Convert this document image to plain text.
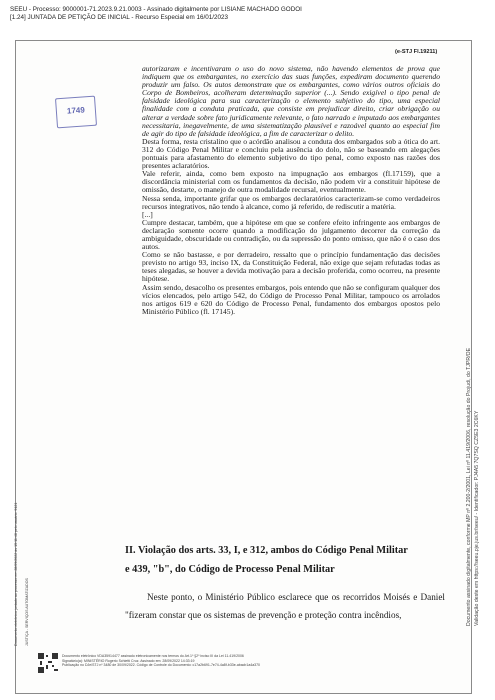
SEEU - Processo: 9000001-71.2023.9.21.0003 - Assinado digitalmente por LISIANE MACHADO GODOI
[1.24] JUNTADA DE PETIÇÃO DE INICIAL - Recurso Especial em 16/01/2023
(e-STJ Fl.19211)
1749

autorizaram e incentivaram o uso do novo sistema, não havendo elementos de prova que indiquem que os embargantes, no exercício das suas funções, expediram documento querendo produzir um falso. Os autos demonstram que os embargantes, como vários outros oficiais do Corpo de Bombeiros, acolheram determinação superior (...). Sendo exigível o tipo penal de falsidade ideológica para sua caracterização o elemento subjetivo do tipo, uma especial finalidade com a conduta praticada, que consiste em prejudicar direito, criar obrigação ou alterar a verdade sobre fato juridicamente relevante, o fato narrado e imputado aos embargantes necessitaria, inegavelmente, de uma sistematização plausível e razoável quanto ao especial fim de agir do tipo de falsidade ideológica, a fim de caracterizar o delito.

Desta forma, resta cristalino que o acórdão analisou a conduta dos embargados sob a ótica do art. 312 do Código Penal Militar e concluiu pela ausência do dolo, não se baseando em alegações pontuais para afastamento do elemento subjetivo do tipo penal, como exposto nas razões dos presentes aclaratórios.

Vale referir, ainda, como bem exposto na impugnação aos embargos (fl.17159), que a discordância ministerial com os fundamentos da decisão, não podem vir a constituir hipótese de omissão, destarte, o manejo de outra modalidade recursal, eventualmente.

Nessa senda, importante grifar que os embargos declaratórios caracterizam-se como verdadeiros recursos integrativos, não tendo à alcance, como já referido, de rediscutir a matéria.

[...]

Cumpre destacar, também, que a hipótese em que se confere efeito infringente aos embargos de declaração somente ocorre quando a modificação do julgamento decorrer da correção da ambiguidade, obscuridade ou contradição, ou da supressão do ponto omisso, que não é o caso dos autos.

Como se não bastasse, e por derradeiro, ressalto que o princípio fundamentação das decisões previsto no artigo 93, inciso IX, da Constituição Federal, não exige que sejam refutadas todas as teses alegadas, se houver a devida motivação para a decisão proferida, como ocorreu, na presente hipótese.

Assim sendo, desacolho os presentes embargos, pois entendo que não se configuram qualquer dos vícios elencados, pelo artigo 542, do Código de Processo Penal Militar, tampouco os arrolados nos artigos 619 e 620 do Código de Processo Penal, fundamento dos embargos opostos pelo Ministério Público (fl. 17145).

II. Violação dos arts. 33, I, e 312, ambos do Código Penal Militar
e 439, "b", do Código de Processo Penal Militar

Neste ponto, o Ministério Público esclarece que os recorridos Moisés e Daniel "fizeram constar que os sistemas de prevenção e proteção contra incêndios,

Documento eletrônico juntado ao processo em 28/09/2022 às 15:11:48 pelo usuário: 9121 JUSTIÇA - SERVIÇOS AUTOMATIZADOS	Documento assinado digitalmente, conforme MP nº 2.200-2/2001, Lei nº 11.419/2006, resolução do Projudi, do TJPR/OE Validação deste em https://seeu.pje.jus.br/seeu/ - Identificador: PJ4A5 7Q7SQ CZ5E3 2C6KY
Documento eletrônico VDA35914477 assinado eletronicamente nos termos do Art.1º §2º inciso III da Lei 11.419/2006
Signatário(a): MINISTÉRIO Rogerio Schietti Cruz. Assinado em: 28/09/2022 14:33:19
Publicação no DJe/STJ nº 3480 de 30/09/2022. Código de Controle do Documento: c17a2b691-7e74-4a8f-b33e-abacb1a4a370
